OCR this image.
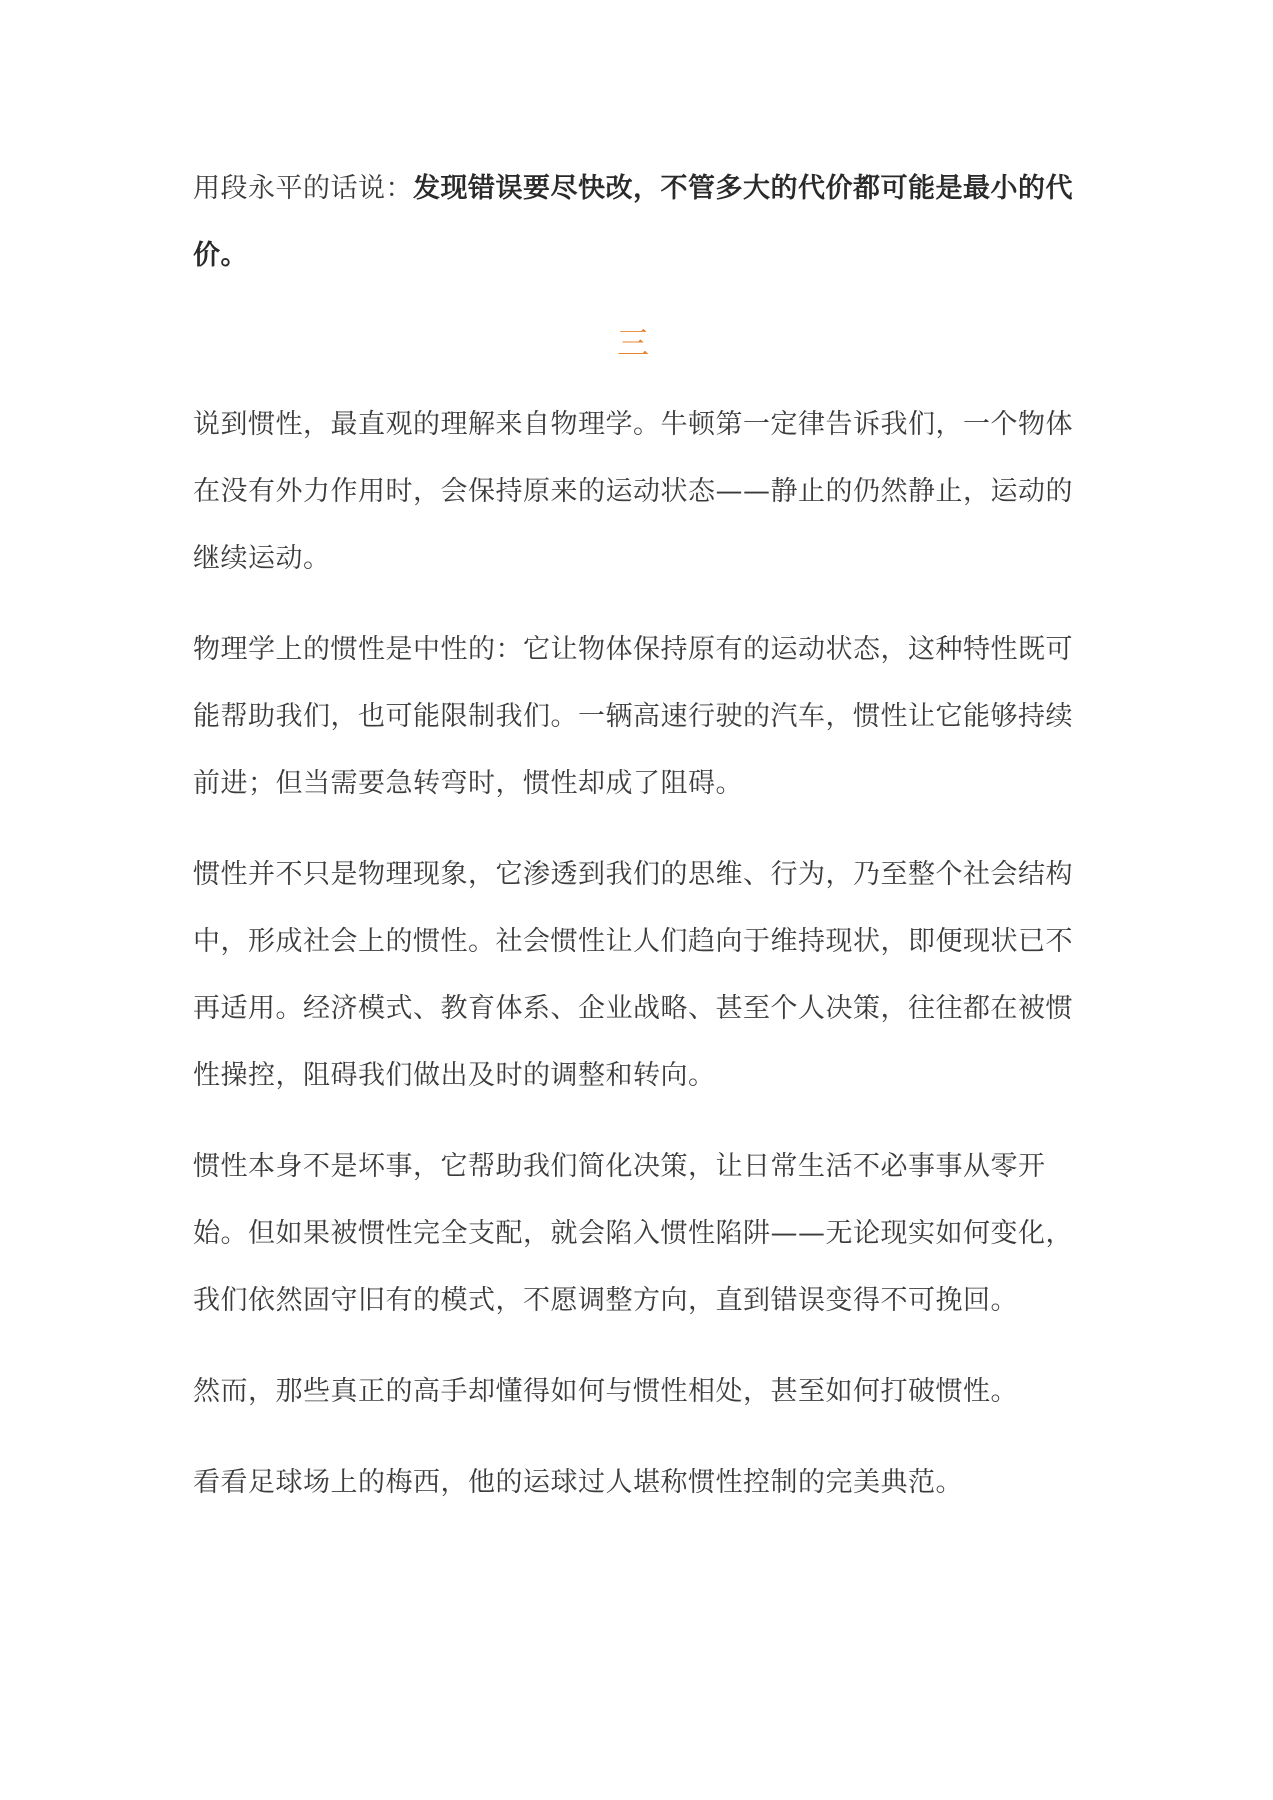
用段永平的话说：发现错误要尽快改，不管多大的代价都可能是最小的代价。

三

说到惯性，最直观的理解来自物理学。牛顿第一定律告诉我们，一个物体在没有外力作用时，会保持原来的运动状态——静止的仍然静止，运动的继续运动。

物理学上的惯性是中性的：它让物体保持原有的运动状态，这种特性既可能帮助我们，也可能限制我们。一辆高速行驶的汽车，惯性让它能够持续前进；但当需要急转弯时，惯性却成了阻碍。

惯性并不只是物理现象，它渗透到我们的思维、行为，乃至整个社会结构中，形成社会上的惯性。社会惯性让人们趋向于维持现状，即便现状已不再适用。经济模式、教育体系、企业战略、甚至个人决策，往往都在被惯性操控，阻碍我们做出及时的调整和转向。

惯性本身不是坏事，它帮助我们简化决策，让日常生活不必事事从零开始。但如果被惯性完全支配，就会陷入惯性陷阱——无论现实如何变化，我们依然固守旧有的模式，不愿调整方向，直到错误变得不可挽回。

然而，那些真正的高手却懂得如何与惯性相处，甚至如何打破惯性。

看看足球场上的梅西，他的运球过人堪称惯性控制的完美典范。
